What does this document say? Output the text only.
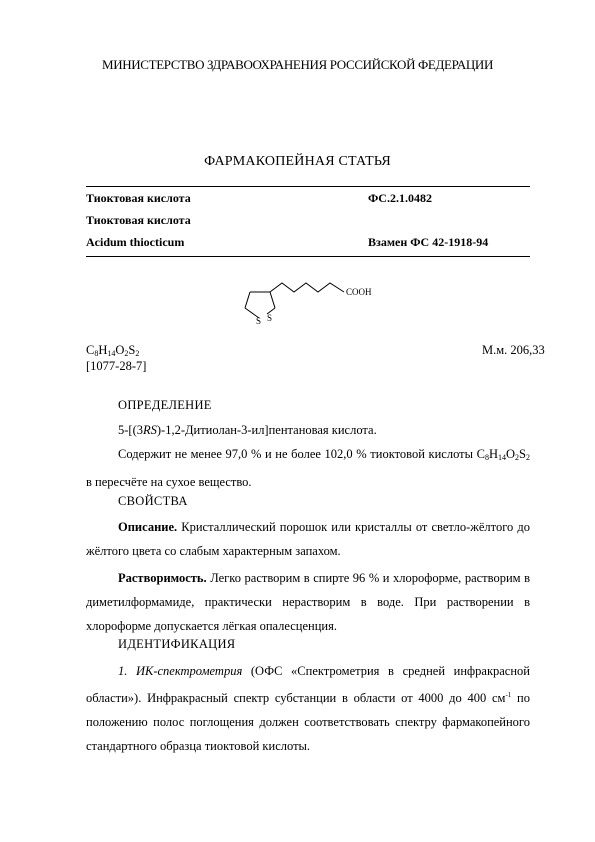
МИНИСТЕРСТВО ЗДРАВООХРАНЕНИЯ РОССИЙСКОЙ ФЕДЕРАЦИИ
ФАРМАКОПЕЙНАЯ СТАТЬЯ
Тиоктовая кислота	ФС.2.1.0482
Тиоктовая кислота
Acidum thiocticum	Взамен ФС 42-1918-94
S S
COOH
$C_8H_{14}O_2S_2$	М.м. 206,33
[1077-28-7]
ОПРЕДЕЛЕНИЕ
5-[(3RS)-1,2-Дитиолан-3-ил]пентановая кислота.
Содержит не менее 97,0 % и не более 102,0 % тиоктовой кислоты $C_8H_{14}O_2S_2$ в пересчёте на сухое вещество.
СВОЙСТВА
Описание. Кристаллический порошок или кристаллы от светло-жёлтого до жёлтого цвета со слабым характерным запахом.
Растворимость. Легко растворим в спирте 96 % и хлороформе, растворим в диметилформамиде, практически нерастворим в воде. При растворении в хлороформе допускается лёгкая опалесценция.
ИДЕНТИФИКАЦИЯ
1. ИК-спектрометрия (ОФС «Спектрометрия в средней инфракрасной области»). Инфракрасный спектр субстанции в области от 4000 до 400 $см^{-1}$ по положению полос поглощения должен соответствовать спектру фармакопейного стандартного образца тиоктовой кислоты.
